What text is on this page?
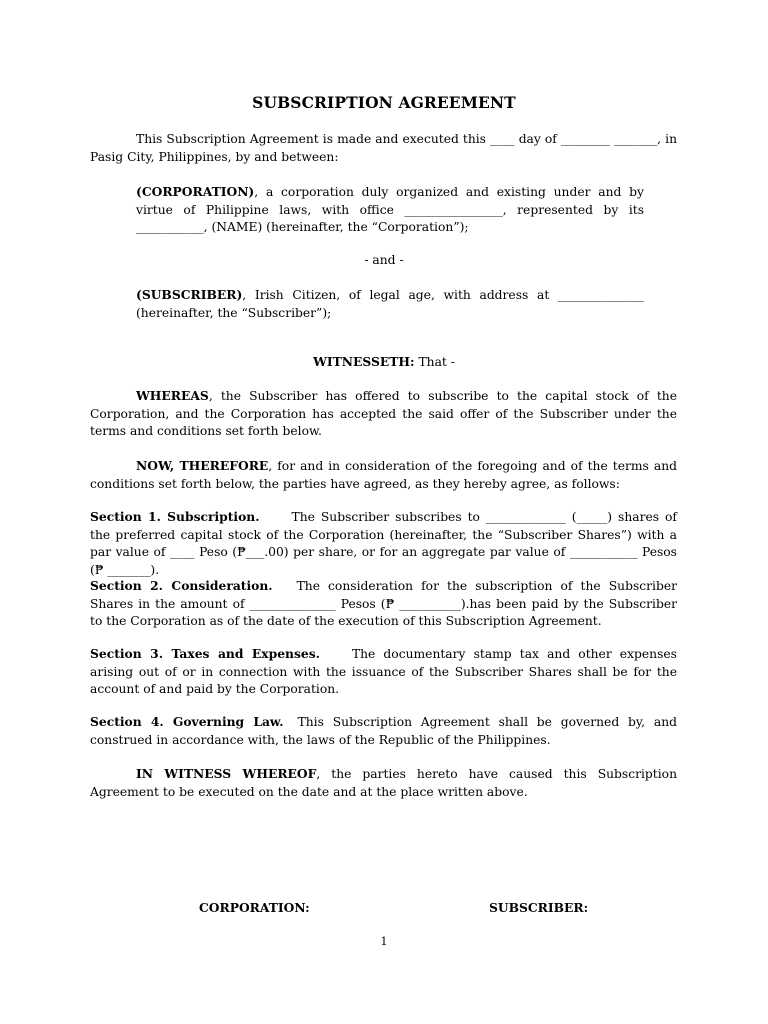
SUBSCRIPTION AGREEMENT
This Subscription Agreement is made and executed this ____ day of ________ _______, in Pasig City, Philippines, by and between:
(CORPORATION), a corporation duly organized and existing under and by virtue of Philippine laws, with office ________________, represented by its ___________, (NAME) (hereinafter, the “Corporation”);
- and -
(SUBSCRIBER), Irish Citizen, of legal age, with address at ______________ (hereinafter, the “Subscriber”);
WITNESSETH: That -
WHEREAS, the Subscriber has offered to subscribe to the capital stock of the Corporation, and the Corporation has accepted the said offer of the Subscriber under the terms and conditions set forth below.
NOW, THEREFORE, for and in consideration of the foregoing and of the terms and conditions set forth below, the parties have agreed, as they hereby agree, as follows:
Section 1. Subscription.	The Subscriber subscribes to _____________ (_____) shares of the preferred capital stock of the Corporation (hereinafter, the “Subscriber Shares”) with a par value of ____ Peso (₱___.00) per share, or for an aggregate par value of ___________ Pesos (₱ _______).
Section 2. Consideration. The consideration for the subscription of the Subscriber Shares in the amount of ______________ Pesos (₱ __________).has been paid by the Subscriber to the Corporation as of the date of the execution of this Subscription Agreement.
Section 3. Taxes and Expenses.	The documentary stamp tax and other expenses arising out of or in connection with the issuance of the Subscriber Shares shall be for the account of and paid by the Corporation.
Section 4. Governing Law. This Subscription Agreement shall be governed by, and construed in accordance with, the laws of the Republic of the Philippines.
IN WITNESS WHEREOF, the parties hereto have caused this Subscription Agreement to be executed on the date and at the place written above.
CORPORATION:	SUBSCRIBER:
1
